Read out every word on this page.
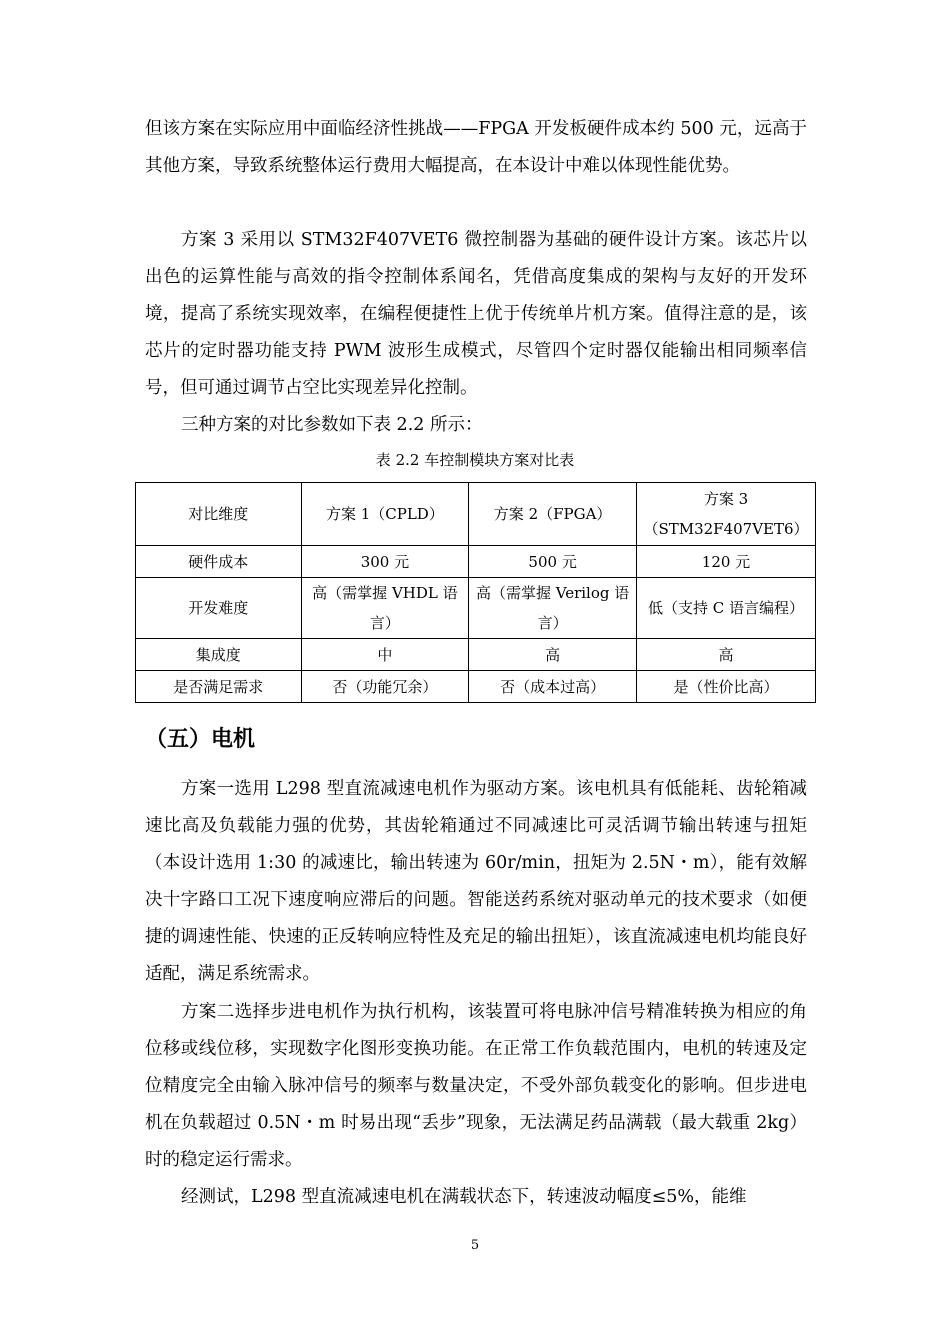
但该方案在实际应用中面临经济性挑战——FPGA 开发板硬件成本约 500 元，远高于其他方案，导致系统整体运行费用大幅提高，在本设计中难以体现性能优势。

方案 3 采用以 STM32F407VET6 微控制器为基础的硬件设计方案。该芯片以出色的运算性能与高效的指令控制体系闻名，凭借高度集成的架构与友好的开发环境，提高了系统实现效率，在编程便捷性上优于传统单片机方案。值得注意的是，该芯片的定时器功能支持 PWM 波形生成模式，尽管四个定时器仅能输出相同频率信号，但可通过调节占空比实现差异化控制。

三种方案的对比参数如下表 2.2 所示：

表 2.2 车控制模块方案对比表
对比维度	方案 1（CPLD）	方案 2（FPGA）	方案 3（STM32F407VET6）
硬件成本	300 元	500 元	120 元
开发难度	高（需掌握 VHDL 语言）	高（需掌握 Verilog 语言）	低（支持 C 语言编程）
集成度	中	高	高
是否满足需求	否（功能冗余）	否（成本过高）	是（性价比高）
（五）电机

方案一选用 L298 型直流减速电机作为驱动方案。该电机具有低能耗、齿轮箱减速比高及负载能力强的优势，其齿轮箱通过不同减速比可灵活调节输出转速与扭矩（本设计选用 1:30 的减速比，输出转速为 60r/min，扭矩为 2.5N・m），能有效解决十字路口工况下速度响应滞后的问题。智能送药系统对驱动单元的技术要求（如便捷的调速性能、快速的正反转响应特性及充足的输出扭矩），该直流减速电机均能良好适配，满足系统需求。

方案二选择步进电机作为执行机构，该装置可将电脉冲信号精准转换为相应的角位移或线位移，实现数字化图形变换功能。在正常工作负载范围内，电机的转速及定位精度完全由输入脉冲信号的频率与数量决定，不受外部负载变化的影响。但步进电机在负载超过 0.5N・m 时易出现“丢步”现象，无法满足药品满载（最大载重 2kg）时的稳定运行需求。

经测试，L298 型直流减速电机在满载状态下，转速波动幅度≤5%，能维

5
